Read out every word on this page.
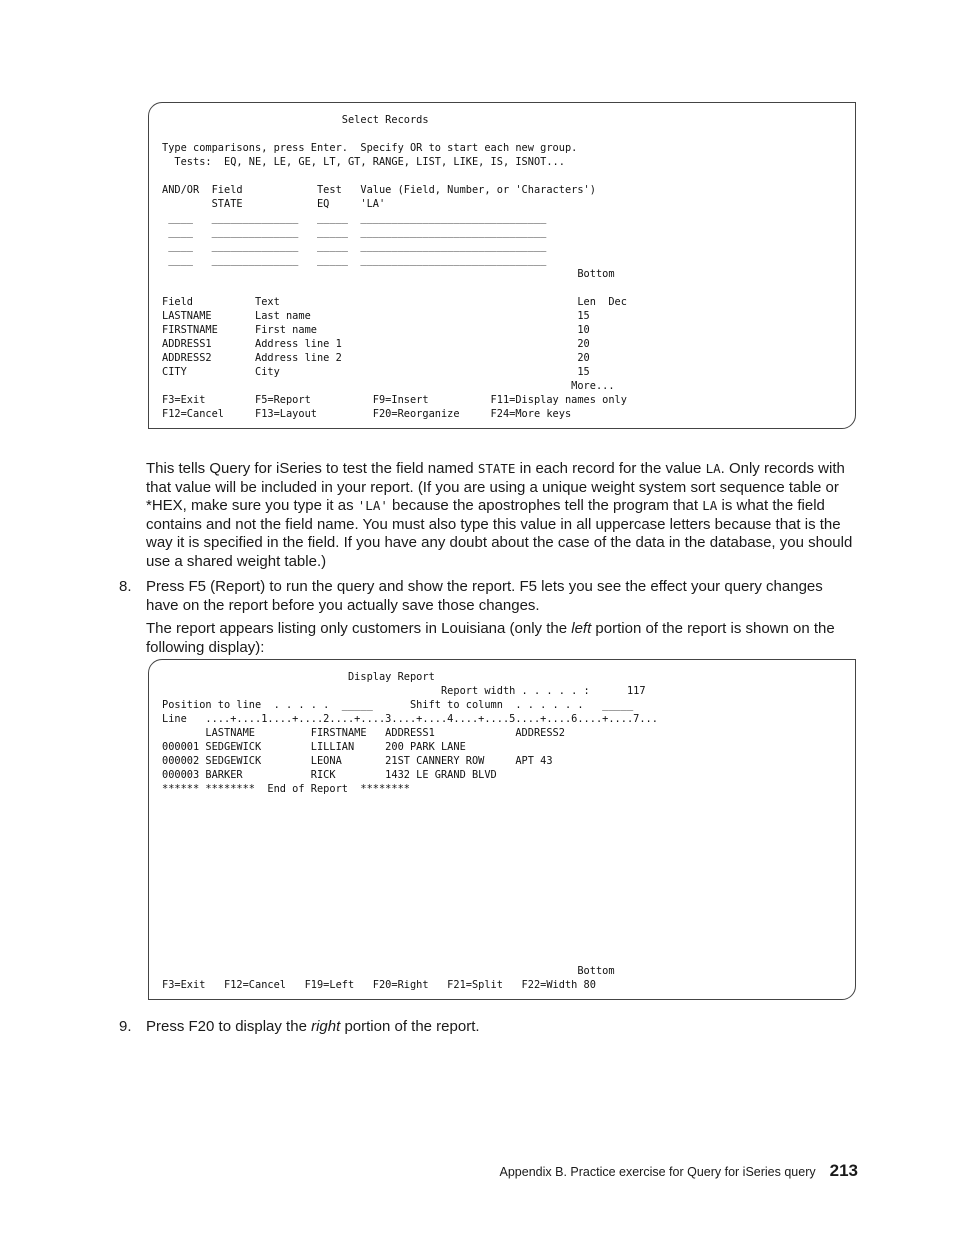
Select Records
Type comparisons, press Enter.  Specify OR to start each new group.
Tests:  EQ, NE, LE, GE, LT, GT, RANGE, LIST, LIKE, IS, ISNOT...
AND/OR  Field            Test   Value (Field, Number, or 'Characters')
STATE            EQ     'LA'
____   ______________   _____  ______________________________
____   ______________   _____  ______________________________
____   ______________   _____  ______________________________
____   ______________   _____  ______________________________
Bottom
Field          Text                                                Len  Dec
LASTNAME       Last name                                           15
FIRSTNAME      First name                                          10
ADDRESS1       Address line 1                                      20
ADDRESS2       Address line 2                                      20
CITY           City                                                15
More...
F3=Exit        F5=Report          F9=Insert          F11=Display names only
F12=Cancel     F13=Layout         F20=Reorganize     F24=More keys

This tells Query for iSeries to test the field named STATE in each record for the value LA. Only records with that value will be included in your report. (If you are using a unique weight system sort sequence table or *HEX, make sure you type it as 'LA' because the apostrophes tell the program that LA is what the field contains and not the field name. You must also type this value in all uppercase letters because that is the way it is specified in the field. If you have any doubt about the case of the data in the database, you should use a shared weight table.)

8. Press F5 (Report) to run the query and show the report. F5 lets you see the effect your query changes have on the report before you actually save those changes.

The report appears listing only customers in Louisiana (only the left portion of the report is shown on the following display):

Display Report
Report width . . . . . :      117
Position to line  . . . . .  _____      Shift to column  . . . . . .   _____
Line   ....+....1....+....2....+....3....+....4....+....5....+....6....+....7...
LASTNAME         FIRSTNAME   ADDRESS1             ADDRESS2
000001 SEDGEWICK        LILLIAN     200 PARK LANE
000002 SEDGEWICK        LEONA       21ST CANNERY ROW     APT 43
000003 BARKER           RICK        1432 LE GRAND BLVD
****** ********  End of Report  ********
Bottom
F3=Exit   F12=Cancel   F19=Left   F20=Right   F21=Split   F22=Width 80

9. Press F20 to display the right portion of the report.

Appendix B. Practice exercise for Query for iSeries query 213
